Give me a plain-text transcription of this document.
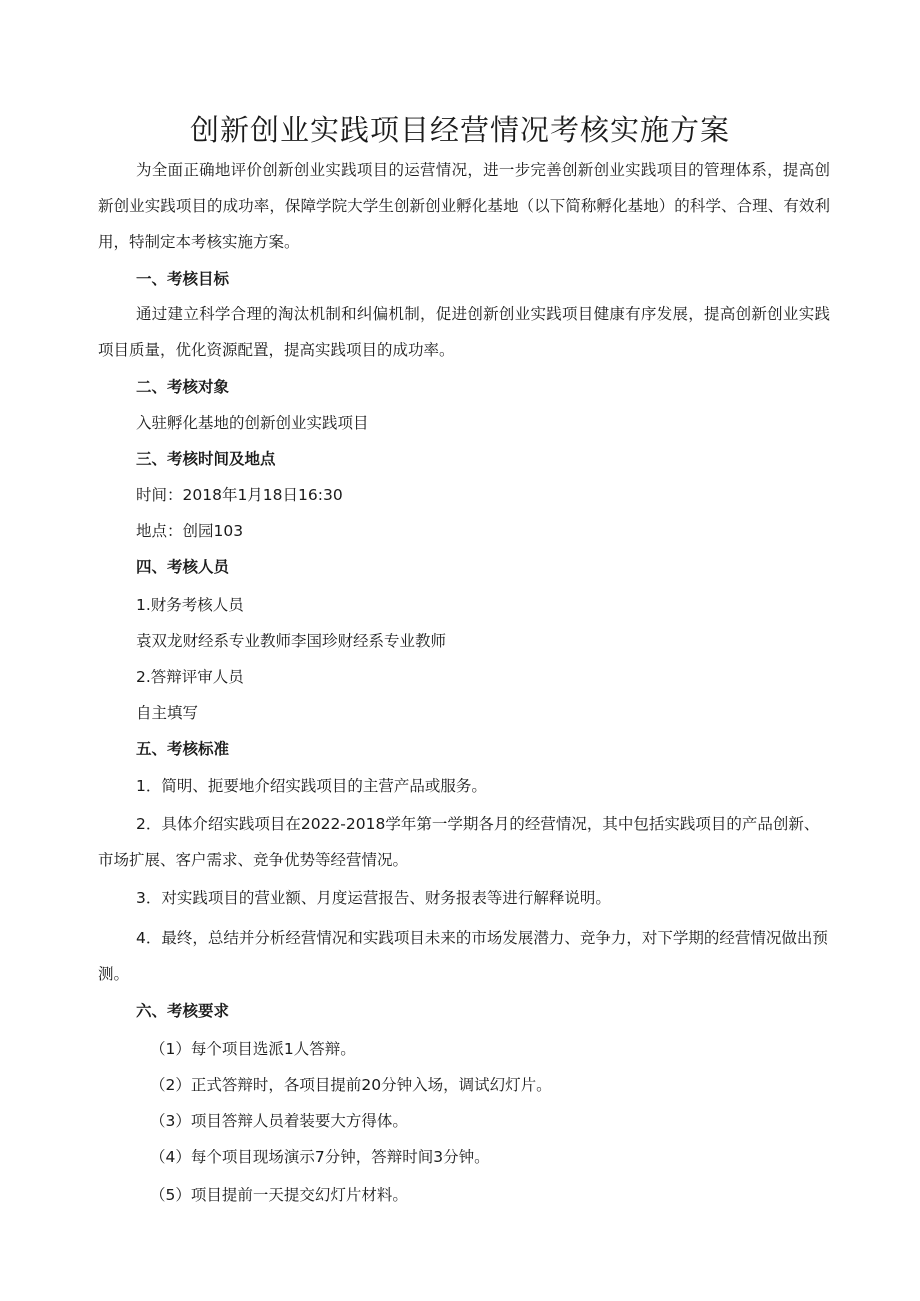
创新创业实践项目经营情况考核实施方案

为全面正确地评价创新创业实践项目的运营情况，进一步完善创新创业实践项目的管理体系，提高创新创业实践项目的成功率，保障学院大学生创新创业孵化基地（以下简称孵化基地）的科学、合理、有效利用，特制定本考核实施方案。

一、考核目标

通过建立科学合理的淘汰机制和纠偏机制，促进创新创业实践项目健康有序发展，提高创新创业实践项目质量，优化资源配置，提高实践项目的成功率。

二、考核对象
入驻孵化基地的创新创业实践项目
三、考核时间及地点
时间：2018年1月18日16:30
地点：创园103
四、考核人员
1.财务考核人员
袁双龙财经系专业教师李国珍财经系专业教师
2.答辩评审人员
自主填写
五、考核标准

1．简明、扼要地介绍实践项目的主营产品或服务。

2．具体介绍实践项目在2022-2018学年第一学期各月的经营情况，其中包括实践项目的产品创新、市场扩展、客户需求、竞争优势等经营情况。

3．对实践项目的营业额、月度运营报告、财务报表等进行解释说明。

4．最终，总结并分析经营情况和实践项目未来的市场发展潜力、竞争力，对下学期的经营情况做出预测。

六、考核要求
（1）每个项目选派1人答辩。
（2）正式答辩时，各项目提前20分钟入场，调试幻灯片。
（3）项目答辩人员着装要大方得体。
（4）每个项目现场演示7分钟，答辩时间3分钟。
（5）项目提前一天提交幻灯片材料。
